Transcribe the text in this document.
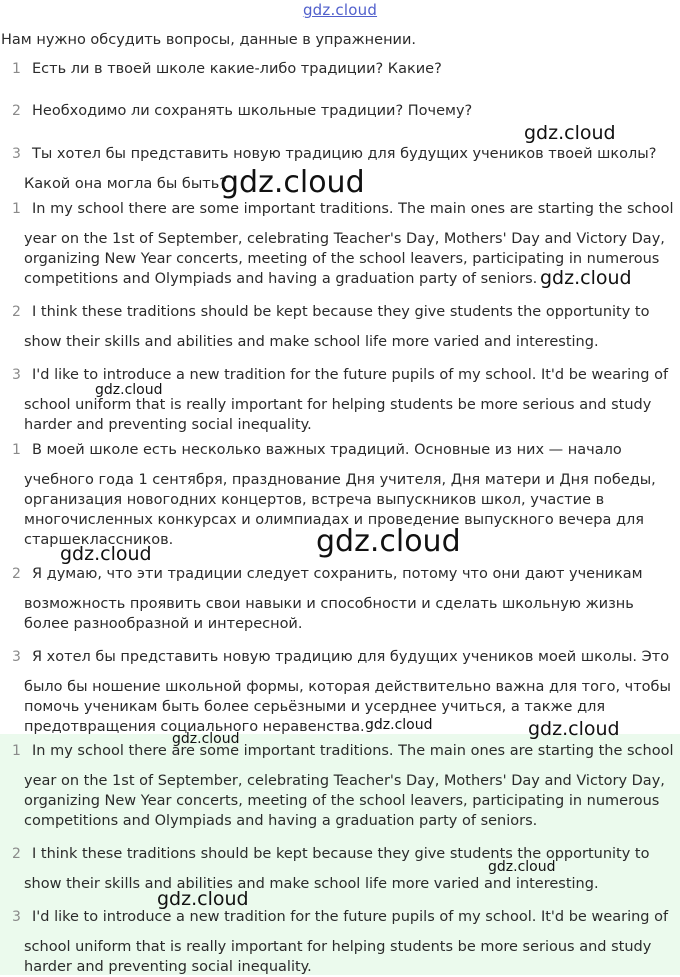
gdz.cloud
Нам нужно обсудить вопросы, данные в упражнении.
1 Есть ли в твоей школе какие-либо традиции? Какие?
2 Необходимо ли сохранять школьные традиции? Почему?
3 Ты хотел бы представить новую традицию для будущих учеников твоей школы?
Какой она могла бы быть?
1 In my school there are some important traditions. The main ones are starting the school
year on the 1st of September, celebrating Teacher's Day, Mothers' Day and Victory Day,
organizing New Year concerts, meeting of the school leavers, participating in numerous
competitions and Olympiads and having a graduation party of seniors.
2 I think these traditions should be kept because they give students the opportunity to
show their skills and abilities and make school life more varied and interesting.
3 I'd like to introduce a new tradition for the future pupils of my school. It'd be wearing of
school uniform that is really important for helping students be more serious and study
harder and preventing social inequality.
1 В моей школе есть несколько важных традиций. Основные из них — начало
учебного года 1 сентября, празднование Дня учителя, Дня матери и Дня победы,
организация новогодних концертов, встреча выпускников школ, участие в
многочисленных конкурсах и олимпиадах и проведение выпускного вечера для
старшеклассников.
2 Я думаю, что эти традиции следует сохранить, потому что они дают ученикам
возможность проявить свои навыки и способности и сделать школьную жизнь
более разнообразной и интересной.
3 Я хотел бы представить новую традицию для будущих учеников моей школы. Это
было бы ношение школьной формы, которая действительно важна для того, чтобы
помочь ученикам быть более серьёзными и усерднее учиться, а также для
предотвращения социального неравенства.
1 In my school there are some important traditions. The main ones are starting the school
year on the 1st of September, celebrating Teacher's Day, Mothers' Day and Victory Day,
organizing New Year concerts, meeting of the school leavers, participating in numerous
competitions and Olympiads and having a graduation party of seniors.
2 I think these traditions should be kept because they give students the opportunity to
show their skills and abilities and make school life more varied and interesting.
3 I'd like to introduce a new tradition for the future pupils of my school. It'd be wearing of
school uniform that is really important for helping students be more serious and study
harder and preventing social inequality.
gdz.cloud
gdz.cloud
gdz.cloud
gdz.cloud
gdz.cloud	gdz.cloud
gdz.cloud	gdz.cloud
gdz.cloud
gdz.cloud
gdz.cloud
